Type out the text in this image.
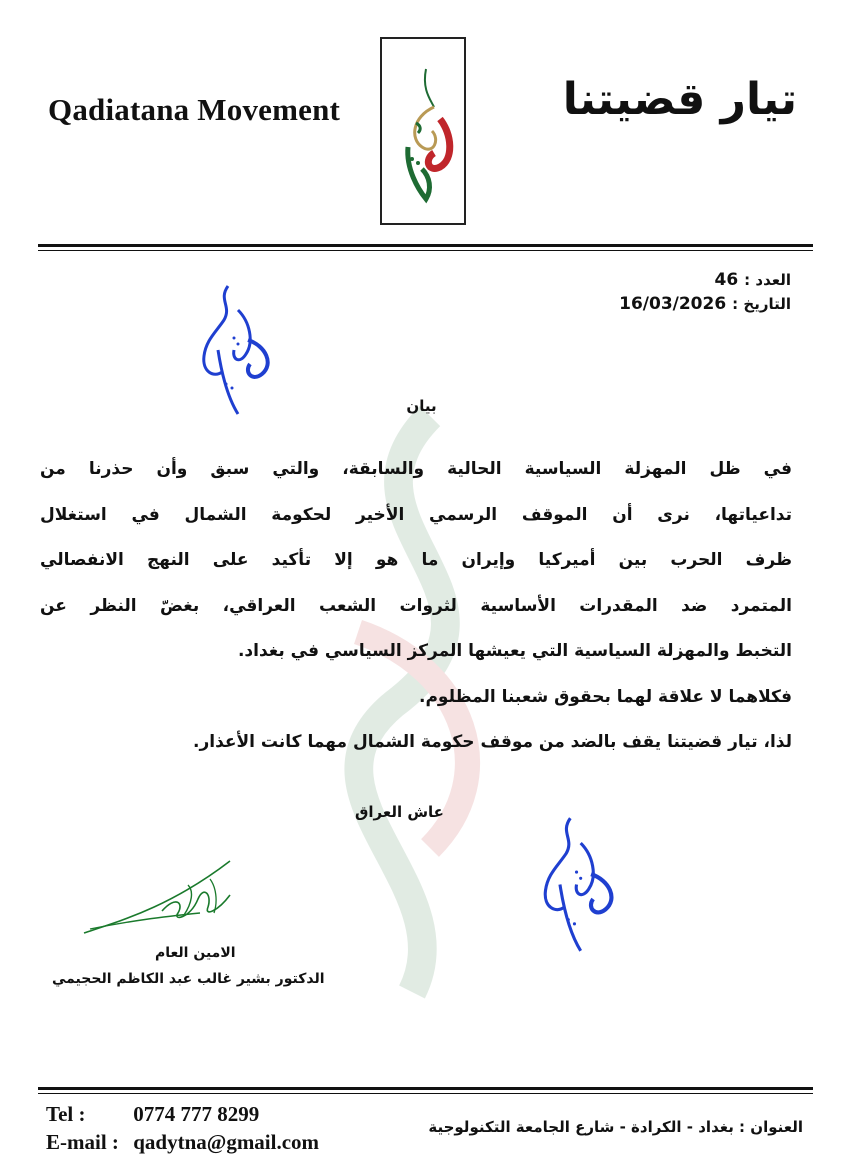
Qadiatana Movement	تيار قضيتنا
العدد :46
التاريخ :16/03/2026
بيان
في ظل المهزلة السياسية الحالية والسابقة، والتي سبق وأن حذرنا من
تداعياتها، نرى أن الموقف الرسمي الأخير لحكومة الشمال في استغلال
ظرف الحرب بين أميركيا وإيران ما هو إلا تأكيد على النهج الانفصالي
المتمرد ضد المقدرات الأساسية لثروات الشعب العراقي، بغضّ النظر عن
التخبط والمهزلة السياسية التي يعيشها المركز السياسي في بغداد.
فكلاهما لا علاقة لهما بحقوق شعبنا المظلوم.
لذا، تيار قضيتنا يقف بالضد من موقف حكومة الشمال مهما كانت الأعذار.
عاش العراق
الامين العام
الدكتور بشير غالب عبد الكاظم الحجيمي
Tel : 0774 777 8299
E-mail : qadytna@gmail.com
العنوان : بغداد - الكرادة - شارع الجامعة التكنولوجية
